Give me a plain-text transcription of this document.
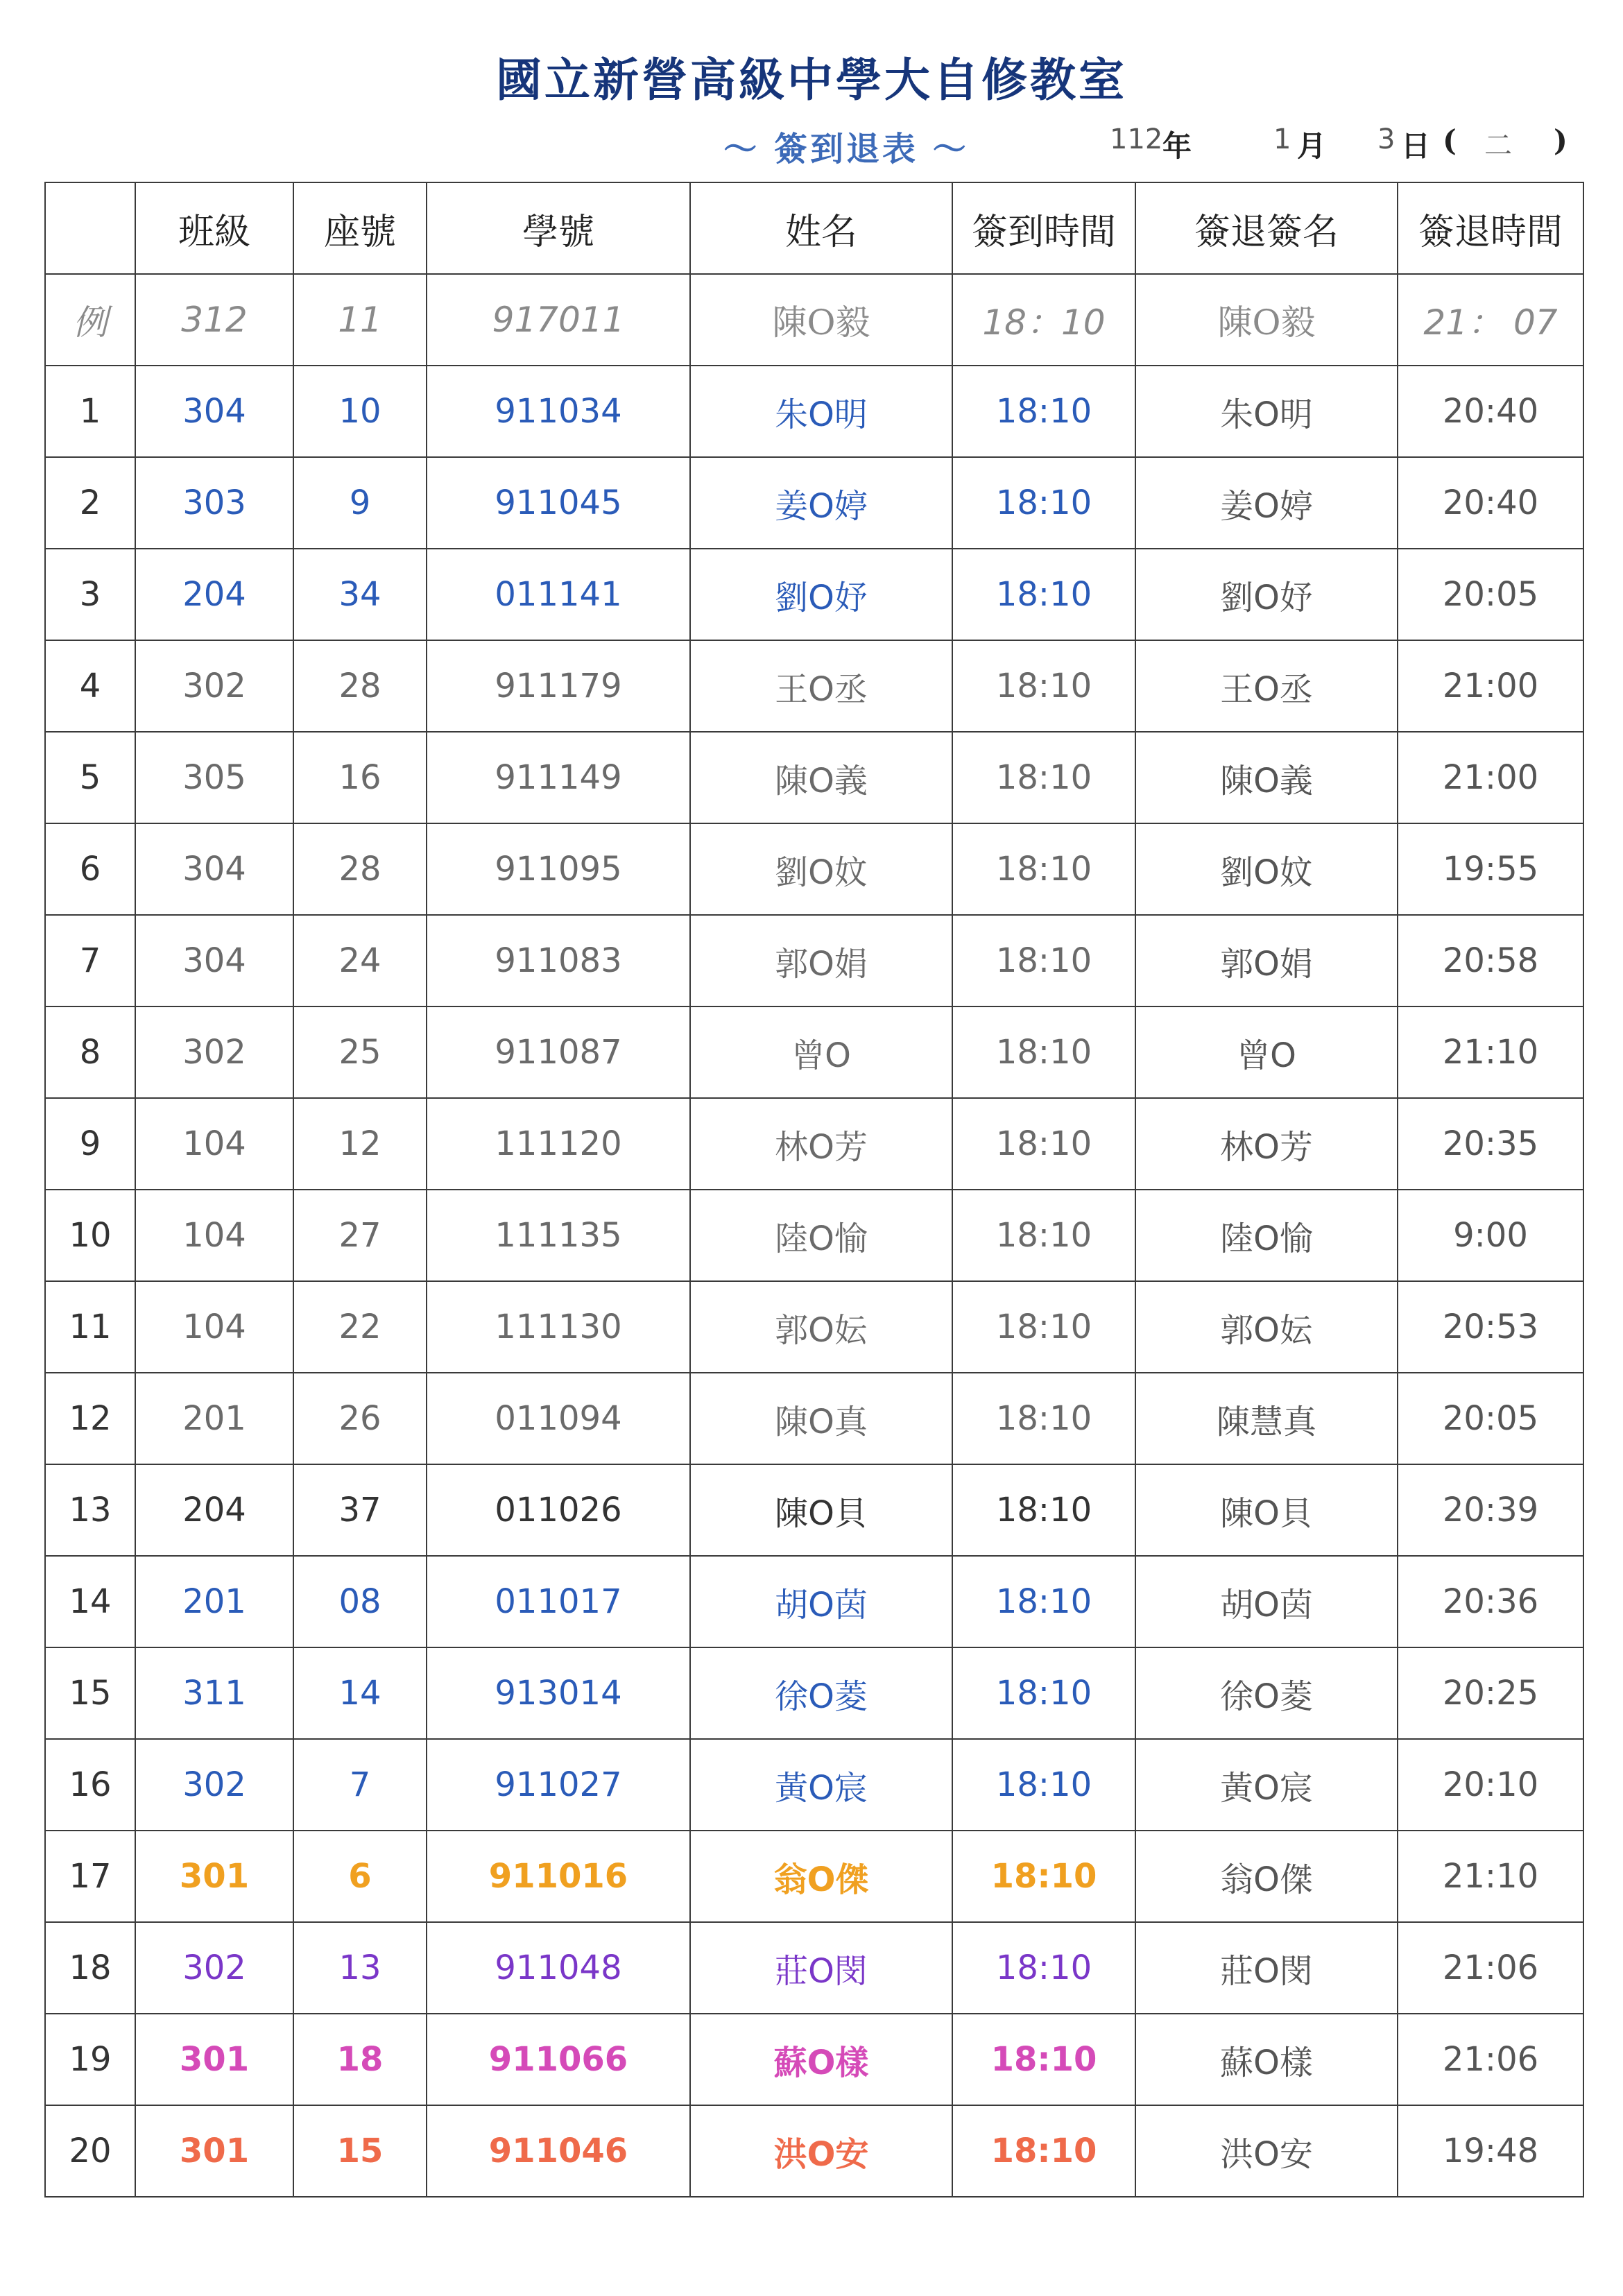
國立新營高級中學大自修教室
～ 簽到退表 ～	112 年	1 月 3 日 ( 二 )
	班級	座號	學號	姓名	簽到時間	簽退簽名	簽退時間
例	312	11	917011	陳O毅	18：10	陳O毅	21： 07
1	304	10	911034	朱O明	18:10	朱O明	20:40
2	303	9	911045	姜O婷	18:10	姜O婷	20:40
3	204	34	011141	劉O妤	18:10	劉O妤	20:05
4	302	28	911179	王O丞	18:10	王O丞	21:00
5	305	16	911149	陳O義	18:10	陳O義	21:00
6	304	28	911095	劉O妏	18:10	劉O妏	19:55
7	304	24	911083	郭O娟	18:10	郭O娟	20:58
8	302	25	911087	曾O	18:10	曾O	21:10
9	104	12	111120	林O芳	18:10	林O芳	20:35
10	104	27	111135	陸O愉	18:10	陸O愉	9:00
11	104	22	111130	郭O妘	18:10	郭O妘	20:53
12	201	26	011094	陳O真	18:10	陳慧真	20:05
13	204	37	011026	陳O貝	18:10	陳O貝	20:39
14	201	08	011017	胡O茵	18:10	胡O茵	20:36
15	311	14	913014	徐O菱	18:10	徐O菱	20:25
16	302	7	911027	黃O宸	18:10	黃O宸	20:10
17	301	6	911016	翁O傑	18:10	翁O傑	21:10
18	302	13	911048	莊O閔	18:10	莊O閔	21:06
19	301	18	911066	蘇O樣	18:10	蘇O樣	21:06
20	301	15	911046	洪O安	18:10	洪O安	19:48
